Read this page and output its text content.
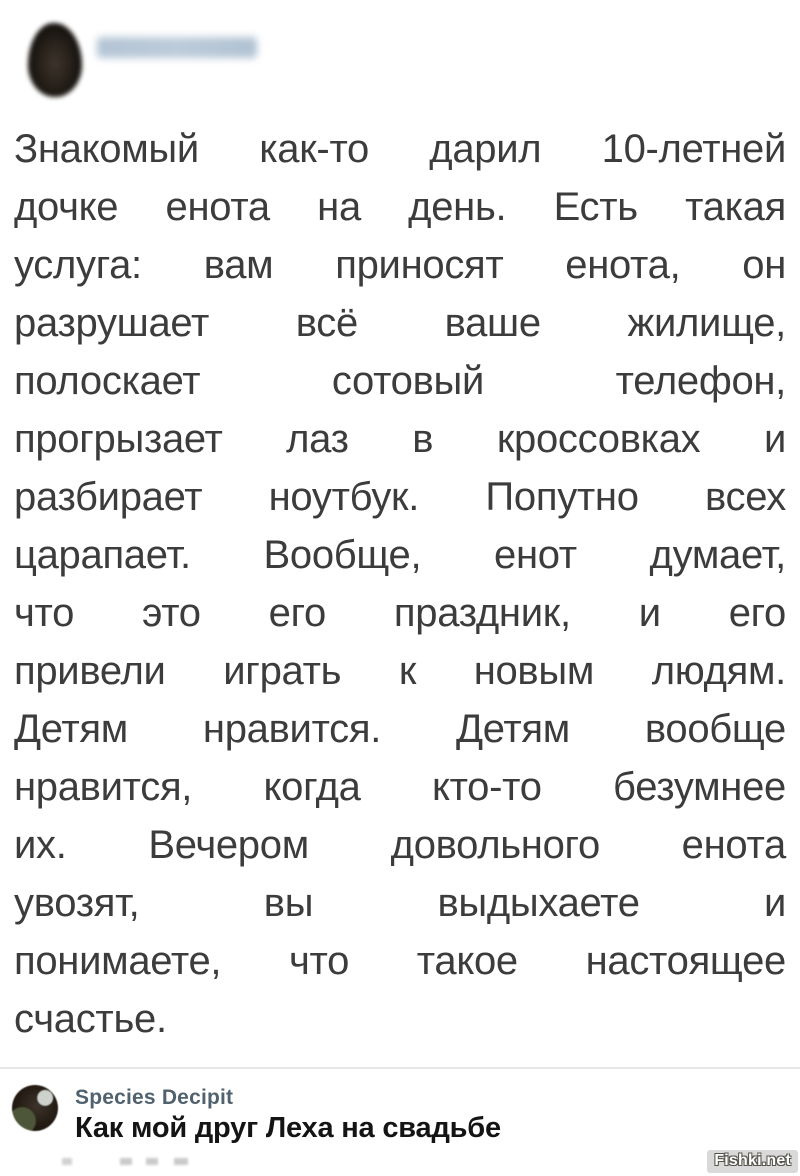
Знакомый как-то дарил 10-летней
дочке енота на день. Есть такая
услуга: вам приносят енота, он
разрушает всё ваше жилище,
полоскает сотовый телефон,
прогрызает лаз в кроссовках и
разбирает ноутбук. Попутно всех
царапает. Вообще, енот думает,
что это его праздник, и его
привели играть к новым людям.
Детям нравится. Детям вообще
нравится, когда кто-то безумнее
их. Вечером довольного енота
увозят, вы выдыхаете и
понимаете, что такое настоящее
счастье.
Species Decipit
Как мой друг Леха на свадьбе
Fishki.net
